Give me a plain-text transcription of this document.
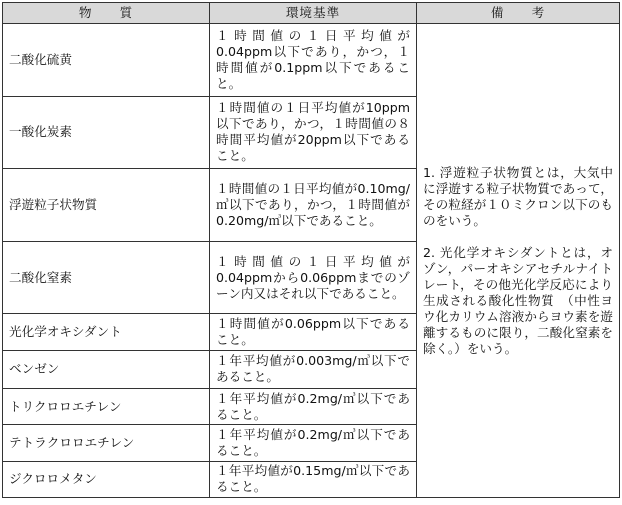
物　　質	環境基準	備　　考
二酸化硫黄	１時間値の１日平均値が0.04ppm以下であり，かつ，１時間値が0.1ppm以下であること。	1. 浮遊粒子状物質とは，大気中に浮遊する粒子状物質であって，その粒経が１０ミクロン以下のものをいう。

2. 光化学オキシダントとは，オゾン，パーオキシアセチルナイトレート，その他光化学反応により生成される酸化性物質　（中性ヨウ化カリウム溶液からヨウ素を遊離するものに限り，二酸化窒素を除く。）をいう。

一酸化炭素	１時間値の１日平均値が10ppm以下であり，かつ，１時間値の８時間平均値が20ppm以下であること。	

浮遊粒子状物質	１時間値の１日平均値が0.10mg/㎥以下であり，かつ，１時間値が0.20mg/㎥以下であること。	

二酸化窒素	１時間値の１日平均値が0.04ppmから0.06ppmまでのゾーン内又はそれ以下であること。	

光化学オキシダント	１時間値が0.06ppm以下であること。	

ベンゼン	１年平均値が0.003mg/㎥以下であること。	

トリクロロエチレン	１年平均値が0.2mg/㎥以下であること。	

テトラクロロエチレン	１年平均値が0.2mg/㎥以下であること。	

ジクロロメタン	１年平均値が0.15mg/㎥以下であること。	
